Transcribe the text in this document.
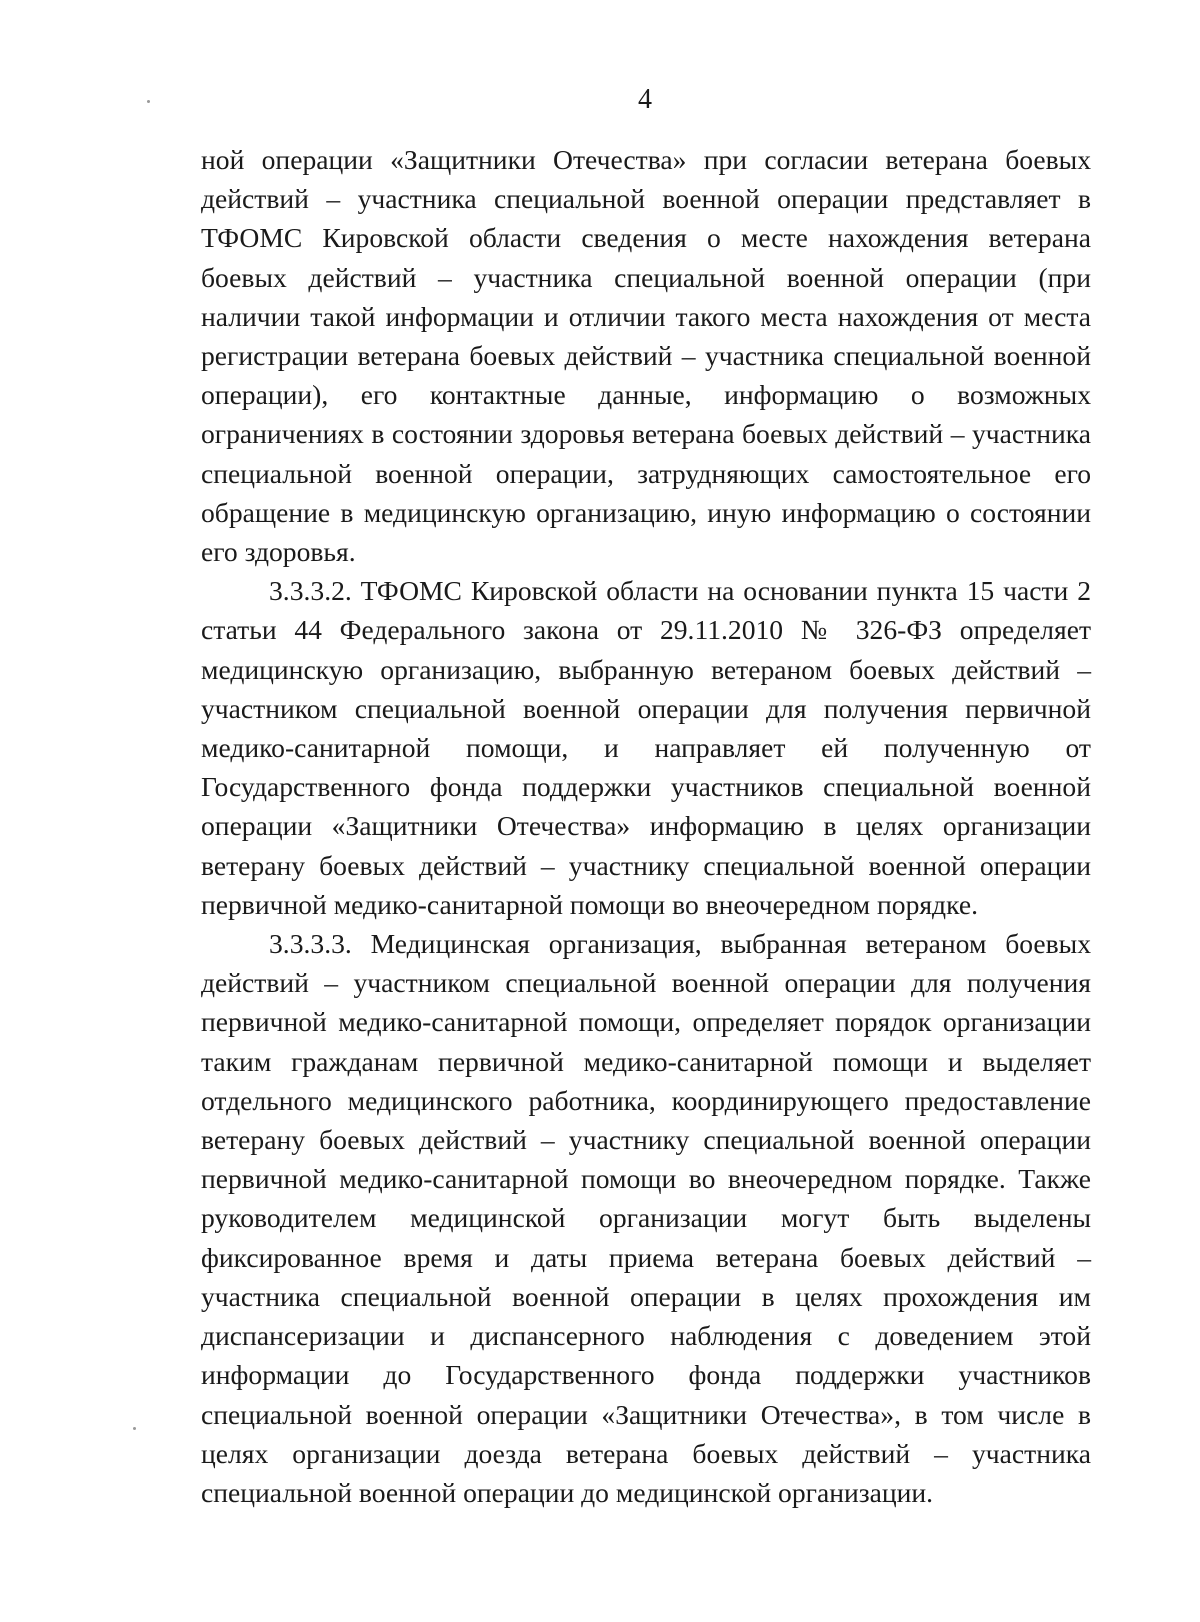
4

ной операции «Защитники Отечества» при согласии ветерана боевых действий – участника специальной военной операции представляет в ТФОМС Кировской области сведения о месте нахождения ветерана боевых действий – участника специальной военной операции (при наличии такой информации и отличии такого места нахождения от места регистрации ветерана боевых действий – участника специальной военной операции), его контактные данные, информацию о возможных ограничениях в состоянии здоровья ветерана боевых действий – участника специальной военной операции, затрудняющих самостоятельное его обращение в медицинскую организацию, иную информацию о состоянии его здоровья.

3.3.3.2. ТФОМС Кировской области на основании пункта 15 части 2 статьи 44 Федерального закона от 29.11.2010 № 326-ФЗ определяет медицинскую организацию, выбранную ветераном боевых действий – участником специальной военной операции для получения первичной медико-санитарной помощи, и направляет ей полученную от Государственного фонда поддержки участников специальной военной операции «Защитники Отечества» информацию в целях организации ветерану боевых действий – участнику специальной военной операции первичной медико-санитарной помощи во внеочередном порядке.

3.3.3.3. Медицинская организация, выбранная ветераном боевых действий – участником специальной военной операции для получения первичной медико-санитарной помощи, определяет порядок организации таким гражданам первичной медико-санитарной помощи и выделяет отдельного медицинского работника, координирующего предоставление ветерану боевых действий – участнику специальной военной операции первичной медико-санитарной помощи во внеочередном порядке. Также руководителем медицинской организации могут быть выделены фиксированное время и даты приема ветерана боевых действий – участника специальной военной операции в целях прохождения им диспансеризации и диспансерного наблюдения с доведением этой информации до Государственного фонда поддержки участников специальной военной операции «Защитники Отечества», в том числе в целях организации доезда ветерана боевых действий – участника специальной военной операции до медицинской организации.
